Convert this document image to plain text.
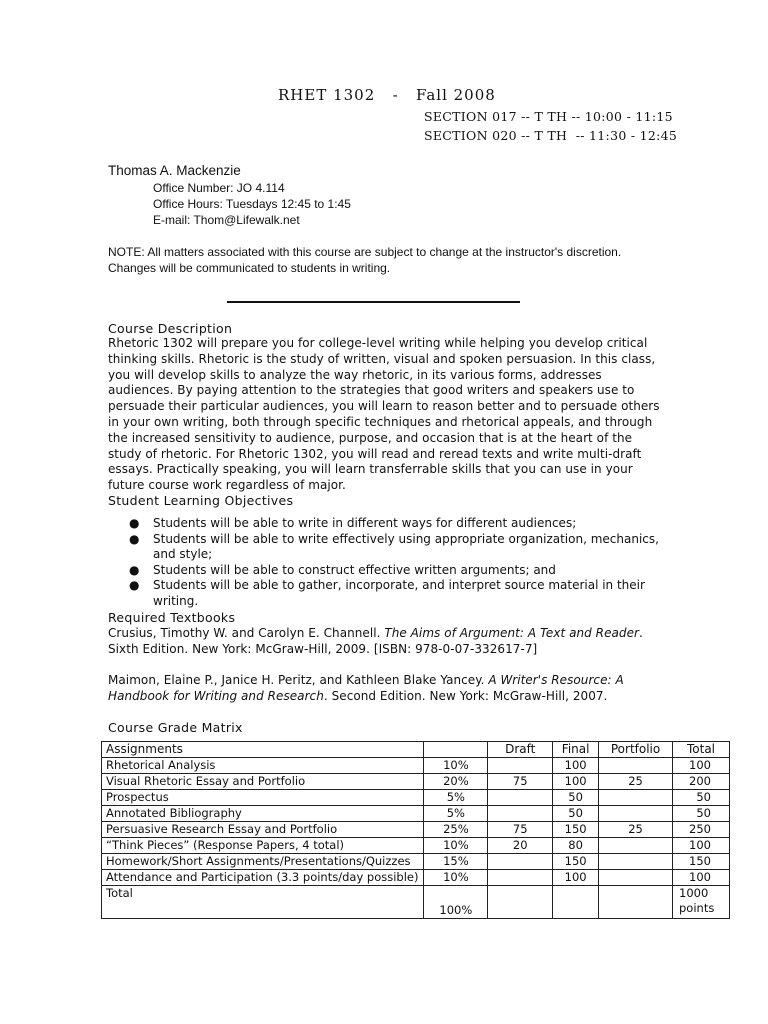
RHET 1302   -   Fall 2008
SECTION 017 -- T TH -- 10:00 - 11:15
SECTION 020 -- T TH  -- 11:30 - 12:45
Thomas A. Mackenzie
Office Number: JO 4.114
Office Hours: Tuesdays 12:45 to 1:45
E-mail: Thom@Lifewalk.net
NOTE: All matters associated with this course are subject to change at the instructor's discretion. Changes will be communicated to students in writing.
Course Description
Rhetoric 1302 will prepare you for college-level writing while helping you develop critical thinking skills. Rhetoric is the study of written, visual and spoken persuasion. In this class, you will develop skills to analyze the way rhetoric, in its various forms, addresses audiences. By paying attention to the strategies that good writers and speakers use to persuade their particular audiences, you will learn to reason better and to persuade others in your own writing, both through specific techniques and rhetorical appeals, and through the increased sensitivity to audience, purpose, and occasion that is at the heart of the study of rhetoric. For Rhetoric 1302, you will read and reread texts and write multi-draft essays. Practically speaking, you will learn transferrable skills that you can use in your future course work regardless of major.
Student Learning Objectives
● Students will be able to write in different ways for different audiences;
● Students will be able to write effectively using appropriate organization, mechanics, and style;
● Students will be able to construct effective written arguments; and
● Students will be able to gather, incorporate, and interpret source material in their writing.
Required Textbooks
Crusius, Timothy W. and Carolyn E. Channell. The Aims of Argument: A Text and Reader. Sixth Edition. New York: McGraw-Hill, 2009. [ISBN: 978-0-07-332617-7]
Maimon, Elaine P., Janice H. Peritz, and Kathleen Blake Yancey. A Writer's Resource: A Handbook for Writing and Research. Second Edition. New York: McGraw-Hill, 2007.
Course Grade Matrix
Assignments		Draft	Final	Portfolio	Total
Rhetorical Analysis	10%		100		100
Visual Rhetoric Essay and Portfolio	20%	75	100	25	200
Prospectus	5%		50		50
Annotated Bibliography	5%		50		50
Persuasive Research Essay and Portfolio	25%	75	150	25	250
“Think Pieces” (Response Papers, 4 total)	10%	20	80		100
Homework/Short Assignments/Presentations/Quizzes	15%		150		150
Attendance and Participation (3.3 points/day possible)	10%		100		100
Total	100%				1000
points
